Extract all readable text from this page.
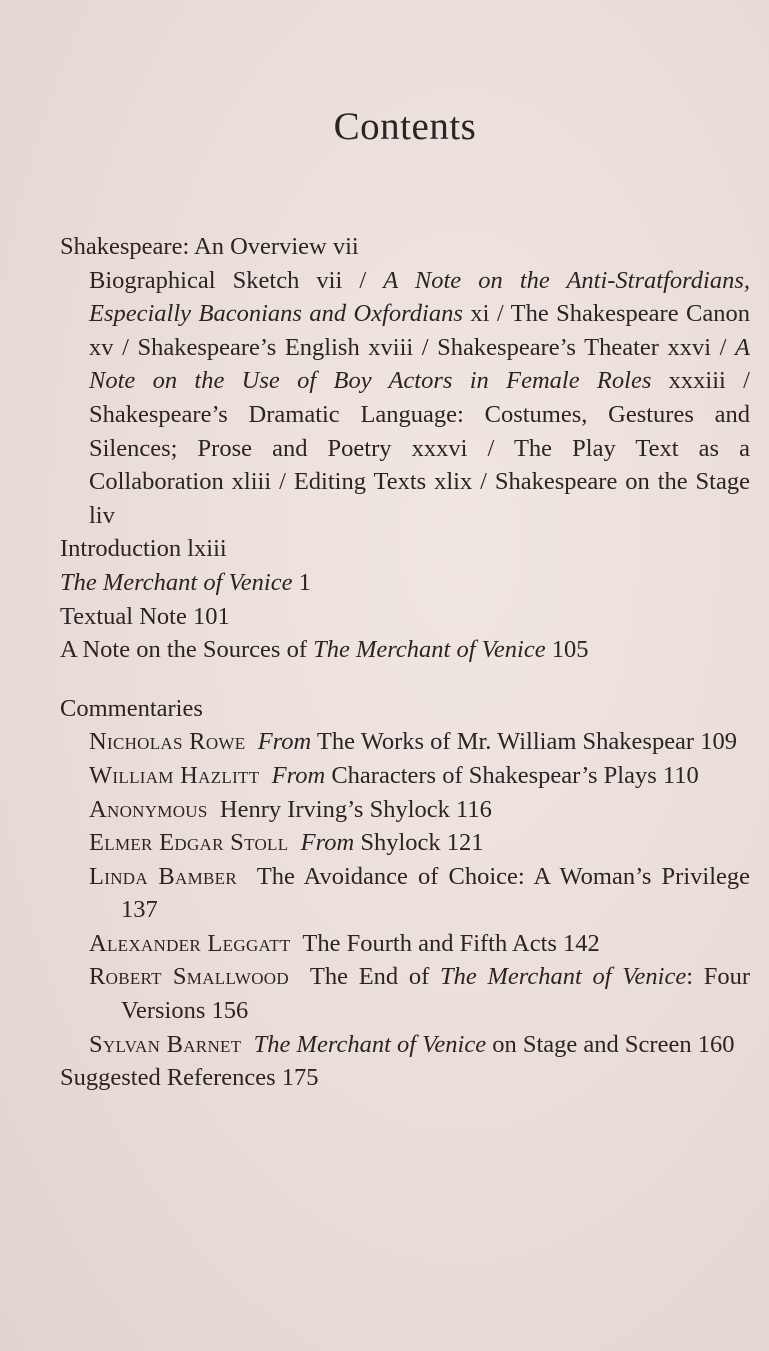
Contents

Shakespeare: An Overview vii

Biographical Sketch vii / A Note on the Anti-Stratfordians, Especially Baconians and Oxfordians xi / The Shakespeare Canon xv / Shakespeare’s English xviii / Shakespeare’s Theater xxvi / A Note on the Use of Boy Actors in Female Roles xxxiii / Shakespeare’s Dramatic Language: Costumes, Gestures and Silences; Prose and Poetry xxxvi / The Play Text as a Collaboration xliii / Editing Texts xlix / Shakespeare on the Stage liv

Introduction lxiii

The Merchant of Venice 1

Textual Note 101

A Note on the Sources of The Merchant of Venice 105

Commentaries

Nicholas Rowe From The Works of Mr. William Shakespear 109

William Hazlitt From Characters of Shakespear’s Plays 110

Anonymous Henry Irving’s Shylock 116

Elmer Edgar Stoll From Shylock 121

Linda Bamber The Avoidance of Choice: A Woman’s Privilege 137

Alexander Leggatt The Fourth and Fifth Acts 142

Robert Smallwood The End of The Merchant of Venice: Four Versions 156

Sylvan Barnet The Merchant of Venice on Stage and Screen 160

Suggested References 175
